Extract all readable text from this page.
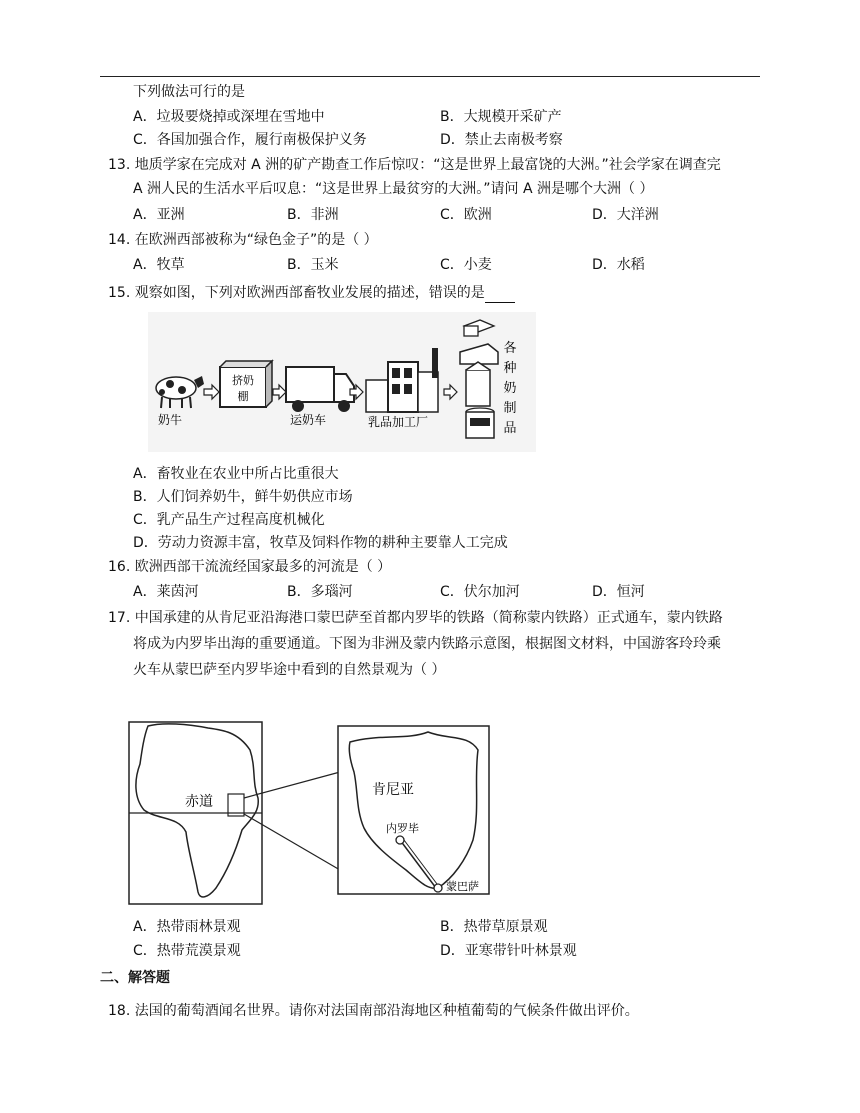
下列做法可行的是
A．垃圾要烧掉或深埋在雪地中	B．大规模开采矿产
C．各国加强合作，履行南极保护义务	D．禁止去南极考察
13. 地质学家在完成对 A 洲的矿产勘查工作后惊叹：“这是世界上最富饶的大洲。”社会学家在调查完
A 洲人民的生活水平后叹息：“这是世界上最贫穷的大洲。”请问 A 洲是哪个大洲（ ）
A．亚洲	B．非洲	C．欧洲	D．大洋洲
14. 在欧洲西部被称为“绿色金子”的是（ ）
A．牧草	B．玉米	C．小麦	D．水稻
15. 观察如图，下列对欧洲西部畜牧业发展的描述，错误的是
奶牛
挤奶
棚
运奶车	乳品加工厂
各
种
奶
制
品
A．畜牧业在农业中所占比重很大
B．人们饲养奶牛，鲜牛奶供应市场
C．乳产品生产过程高度机械化
D．劳动力资源丰富，牧草及饲料作物的耕种主要靠人工完成
16. 欧洲西部干流流经国家最多的河流是（ ）
A．莱茵河	B．多瑙河	C．伏尔加河	D．恒河
17. 中国承建的从肯尼亚沿海港口蒙巴萨至首都内罗毕的铁路（简称蒙内铁路）正式通车，蒙内铁路
将成为内罗毕出海的重要通道。下图为非洲及蒙内铁路示意图，根据图文材料，中国游客玲玲乘
火车从蒙巴萨至内罗毕途中看到的自然景观为（ ）
赤道
肯尼亚
内罗毕
蒙巴萨
A．热带雨林景观	B．热带草原景观
C．热带荒漠景观	D．亚寒带针叶林景观
二、解答题
18. 法国的葡萄酒闻名世界。请你对法国南部沿海地区种植葡萄的气候条件做出评价。
